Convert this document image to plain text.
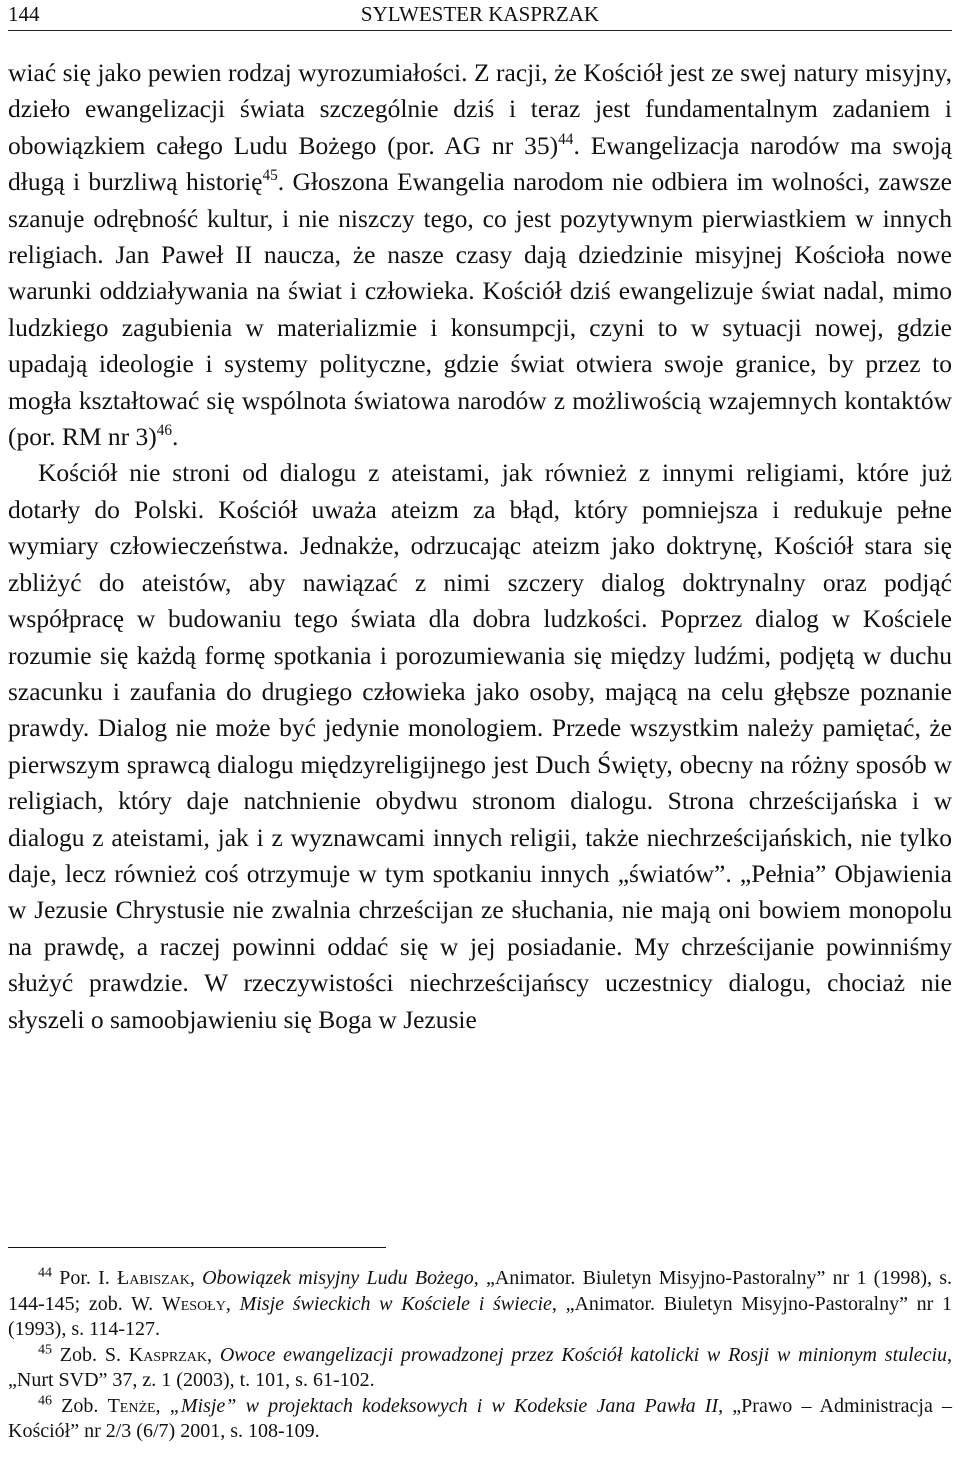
144	SYLWESTER KASPRZAK

wiać się jako pewien rodzaj wyrozumiałości. Z racji, że Kościół jest ze swej natury misyjny, dzieło ewangelizacji świata szczególnie dziś i teraz jest fundamentalnym zadaniem i obowiązkiem całego Ludu Bożego (por. AG nr 35)$^{44}$. Ewangelizacja narodów ma swoją długą i burzliwą historię$^{45}$. Głoszona Ewangelia narodom nie odbiera im wolności, zawsze szanuje odrębność kultur, i nie niszczy tego, co jest pozytywnym pierwiastkiem w innych religiach. Jan Paweł II naucza, że nasze czasy dają dziedzinie misyjnej Kościoła nowe warunki oddziaływania na świat i człowieka. Kościół dziś ewangelizuje świat nadal, mimo ludzkiego zagubienia w materializmie i konsumpcji, czyni to w sytuacji nowej, gdzie upadają ideologie i systemy polityczne, gdzie świat otwiera swoje granice, by przez to mogła kształtować się wspólnota światowa narodów z możliwością wzajemnych kontaktów (por. RM nr 3)$^{46}$.

Kościół nie stroni od dialogu z ateistami, jak również z innymi religiami, które już dotarły do Polski. Kościół uważa ateizm za błąd, który pomniejsza i redukuje pełne wymiary człowieczeństwa. Jednakże, odrzucając ateizm jako doktrynę, Kościół stara się zbliżyć do ateistów, aby nawiązać z nimi szczery dialog doktrynalny oraz podjąć współpracę w budowaniu tego świata dla dobra ludzkości. Poprzez dialog w Kościele rozumie się każdą formę spotkania i porozumiewania się między ludźmi, podjętą w duchu szacunku i zaufania do drugiego człowieka jako osoby, mającą na celu głębsze poznanie prawdy. Dialog nie może być jedynie monologiem. Przede wszystkim należy pamiętać, że pierwszym sprawcą dialogu międzyreligijnego jest Duch Święty, obecny na różny sposób w religiach, który daje natchnienie obydwu stronom dialogu. Strona chrześcijańska i w dialogu z ateistami, jak i z wyznawcami innych religii, także niechrześcijańskich, nie tylko daje, lecz również coś otrzymuje w tym spotkaniu innych „światów”. „Pełnia” Objawienia w Jezusie Chrystusie nie zwalnia chrześcijan ze słuchania, nie mają oni bowiem monopolu na prawdę, a raczej powinni oddać się w jej posiadanie. My chrześcijanie powinniśmy służyć prawdzie. W rzeczywistości niechrześcijańscy uczestnicy dialogu, chociaż nie słyszeli o samoobjawieniu się Boga w Jezusie

$^{44}$ Por. I. Łabiszak, Obowiązek misyjny Ludu Bożego, „Animator. Biuletyn Misyjno-Pastoralny” nr 1 (1998), s. 144-145; zob. W. Wesoły, Misje świeckich w Kościele i świecie, „Animator. Biuletyn Misyjno-Pastoralny” nr 1 (1993), s. 114-127.

$^{45}$ Zob. S. Kasprzak, Owoce ewangelizacji prowadzonej przez Kościół katolicki w Rosji w minionym stuleciu, „Nurt SVD” 37, z. 1 (2003), t. 101, s. 61-102.

$^{46}$ Zob. Tenże, „Misje” w projektach kodeksowych i w Kodeksie Jana Pawła II, „Prawo – Administracja – Kościół” nr 2/3 (6/7) 2001, s. 108-109.
